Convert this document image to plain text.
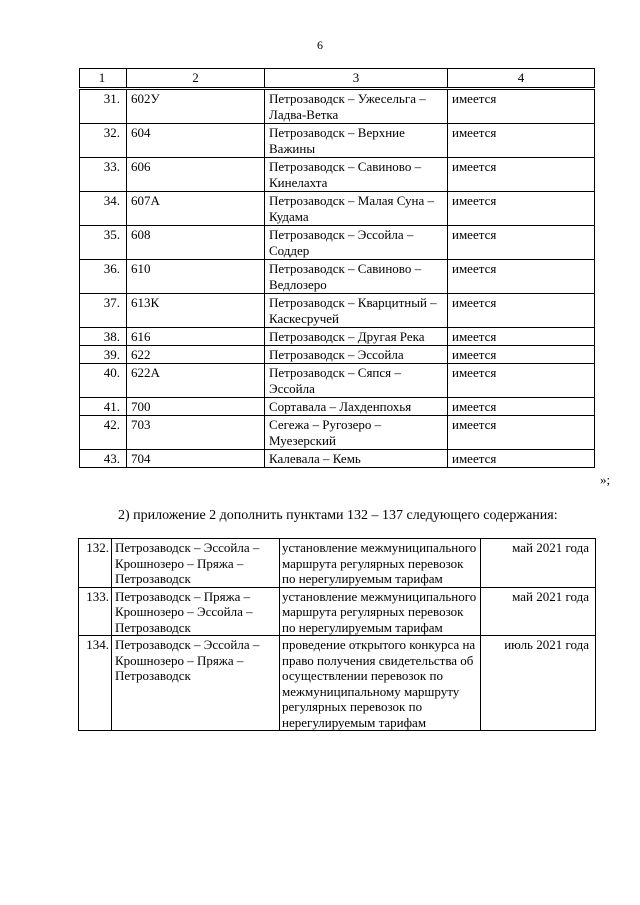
6
1	2	3	4
31.	602У	Петрозаводск – Ужесельга – Ладва-Ветка	имеется
32.	604	Петрозаводск – Верхние Важины	имеется
33.	606	Петрозаводск – Савиново – Кинелахта	имеется
34.	607А	Петрозаводск – Малая Суна – Кудама	имеется
35.	608	Петрозаводск – Эссойла – Соддер	имеется
36.	610	Петрозаводск – Савиново – Ведлозеро	имеется
37.	613К	Петрозаводск – Кварцитный – Каскесручей	имеется
38.	616	Петрозаводск – Другая Река	имеется
39.	622	Петрозаводск – Эссойла	имеется
40.	622А	Петрозаводск – Сяпся – Эссойла	имеется
41.	700	Сортавала – Лахденпохья	имеется
42.	703	Сегежа – Ругозеро – Муезерский	имеется
43.	704	Калевала – Кемь	имеется
»;
2) приложение 2 дополнить пунктами 132 – 137 следующего содержания:
132.	Петрозаводск – Эссойла – Крошнозеро – Пряжа – Петрозаводск	установление межмуниципального маршрута регулярных перевозок по нерегулируемым тарифам	май 2021 года
133.	Петрозаводск – Пряжа – Крошнозеро – Эссойла – Петрозаводск	установление межмуниципального маршрута регулярных перевозок по нерегулируемым тарифам	май 2021 года
134.	Петрозаводск – Эссойла – Крошнозеро – Пряжа – Петрозаводск	проведение открытого конкурса на право получения свидетельства об осуществлении перевозок по межмуниципальному маршруту регулярных перевозок по нерегулируемым тарифам	июль 2021 года
